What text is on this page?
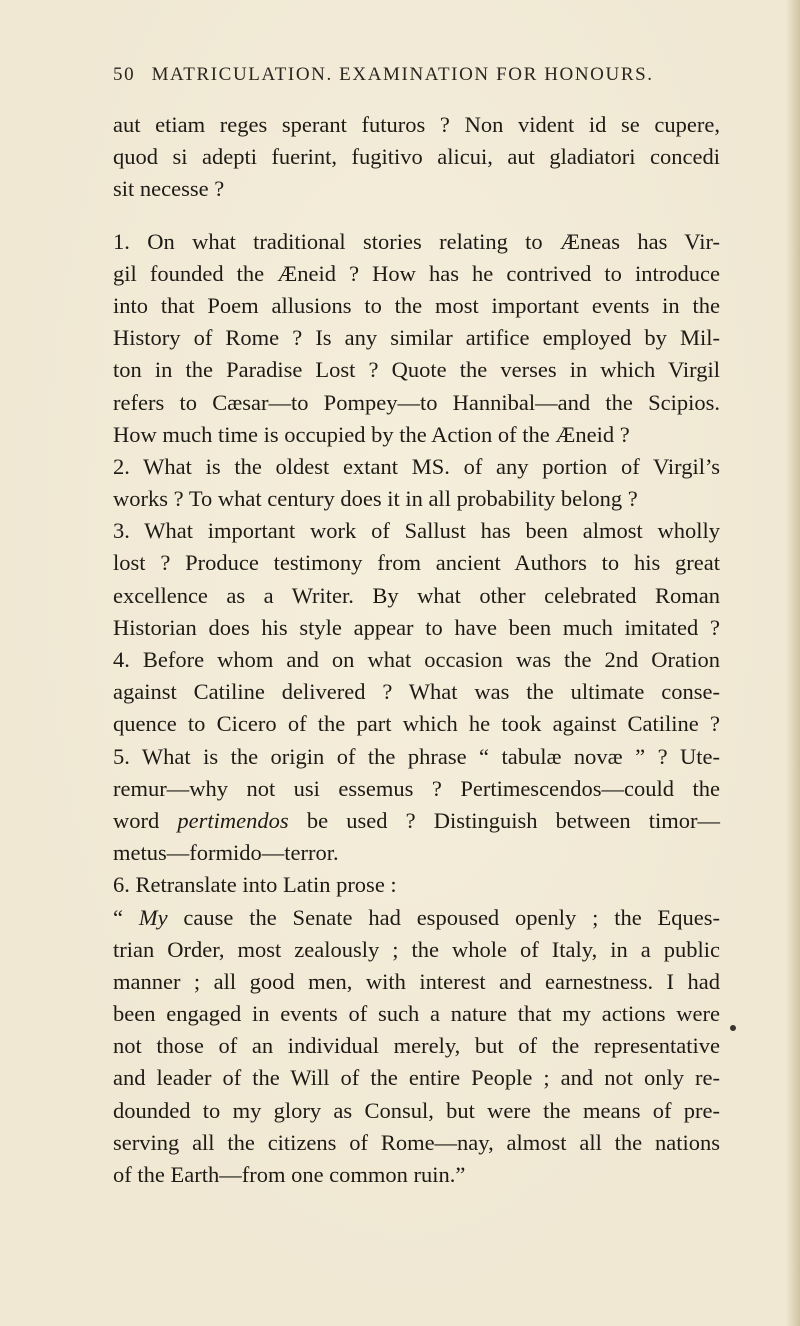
50 MATRICULATION. EXAMINATION FOR HONOURS.
aut etiam reges sperant futuros ? Non vident id se cupere,
quod si adepti fuerint, fugitivo alicui, aut gladiatori concedi
sit necesse ?
1. On what traditional stories relating to Æneas has Vir-
gil founded the Æneid ? How has he contrived to introduce
into that Poem allusions to the most important events in the
History of Rome ? Is any similar artifice employed by Mil-
ton in the Paradise Lost ? Quote the verses in which Virgil
refers to Cæsar—to Pompey—to Hannibal—and the Scipios.
How much time is occupied by the Action of the Æneid ?
2. What is the oldest extant MS. of any portion of Virgil’s
works ? To what century does it in all probability belong ?
3. What important work of Sallust has been almost wholly
lost ? Produce testimony from ancient Authors to his great
excellence as a Writer. By what other celebrated Roman
Historian does his style appear to have been much imitated ?
4. Before whom and on what occasion was the 2nd Oration
against Catiline delivered ? What was the ultimate conse-
quence to Cicero of the part which he took against Catiline ?
5. What is the origin of the phrase “ tabulæ novæ ” ? Ute-
remur—why not usi essemus ? Pertimescendos—could the
word pertimendos be used ? Distinguish between timor—
metus—formido—terror.
6. Retranslate into Latin prose :
“ My cause the Senate had espoused openly ; the Eques-
trian Order, most zealously ; the whole of Italy, in a public
manner ; all good men, with interest and earnestness. I had
been engaged in events of such a nature that my actions were
not those of an individual merely, but of the representative
and leader of the Will of the entire People ; and not only re-
dounded to my glory as Consul, but were the means of pre-
serving all the citizens of Rome—nay, almost all the nations
of the Earth—from one common ruin.”
